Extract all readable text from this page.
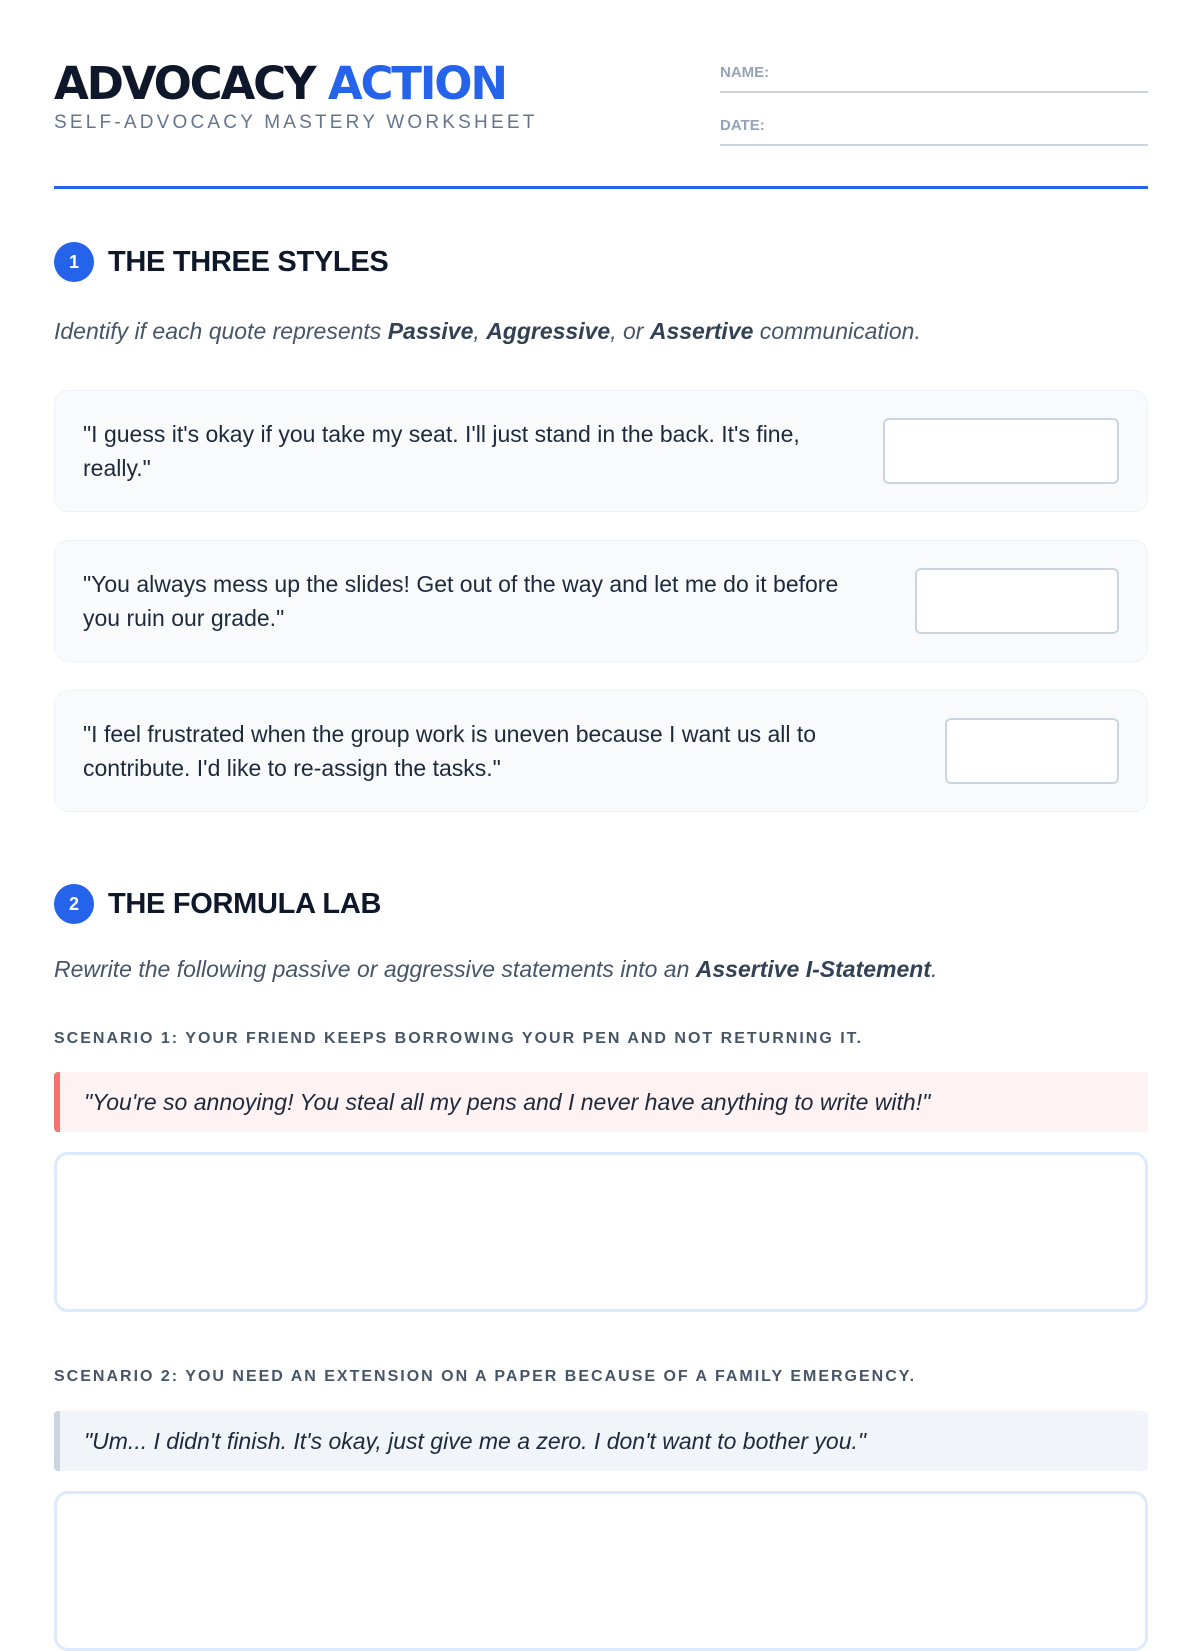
ADVOCACY ACTION
SELF-ADVOCACY MASTERY WORKSHEET
NAME:
DATE:
1	THE THREE STYLES
Identify if each quote represents Passive, Aggressive, or Assertive communication.
"I guess it's okay if you take my seat. I'll just stand in the back. It's fine, really."
"You always mess up the slides! Get out of the way and let me do it before you ruin our grade."
"I feel frustrated when the group work is uneven because I want us all to contribute. I'd like to re-assign the tasks."
2	THE FORMULA LAB
Rewrite the following passive or aggressive statements into an Assertive I-Statement.
SCENARIO 1: YOUR FRIEND KEEPS BORROWING YOUR PEN AND NOT RETURNING IT.
"You're so annoying! You steal all my pens and I never have anything to write with!"
SCENARIO 2: YOU NEED AN EXTENSION ON A PAPER BECAUSE OF A FAMILY EMERGENCY.
"Um... I didn't finish. It's okay, just give me a zero. I don't want to bother you."
